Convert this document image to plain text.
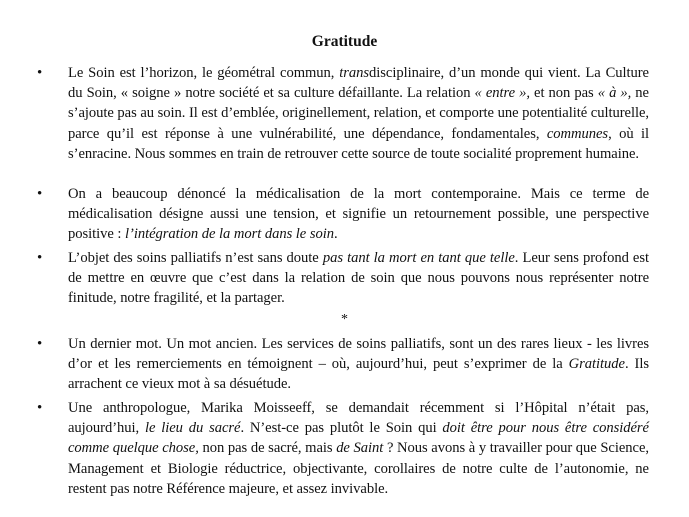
Gratitude
• Le Soin est l’horizon, le géométral commun, transdisciplinaire, d’un monde qui vient. La Culture du Soin, « soigne » notre société et sa culture défaillante. La relation « entre », et non pas « à », ne s’ajoute pas au soin. Il est d’emblée, originellement, relation, et comporte une potentialité culturelle, parce qu’il est réponse à une vulnérabilité, une dépendance, fondamentales, communes, où il s’enracine. Nous sommes en train de retrouver cette source de toute socialité proprement humaine.
• On a beaucoup dénoncé la médicalisation de la mort contemporaine. Mais ce terme de médicalisation désigne aussi une tension, et signifie un retournement possible, une perspective positive : l’intégration de la mort dans le soin.
• L’objet des soins palliatifs n’est sans doute pas tant la mort en tant que telle. Leur sens profond est de mettre en œuvre que c’est dans la relation de soin que nous pouvons nous représenter notre finitude, notre fragilité, et la partager.
*
• Un dernier mot. Un mot ancien. Les services de soins palliatifs, sont un des rares lieux - les livres d’or et les remerciements en témoignent – où, aujourd’hui, peut s’exprimer de la Gratitude. Ils arrachent ce vieux mot à sa désuétude.
• Une anthropologue, Marika Moisseeff, se demandait récemment si l’Hôpital n’était pas, aujourd’hui, le lieu du sacré. N’est-ce pas plutôt le Soin qui doit être pour nous être considéré comme quelque chose, non pas de sacré, mais de Saint ? Nous avons à y travailler pour que Science, Management et Biologie réductrice, objectivante, corollaires de notre culte de l’autonomie, ne restent pas notre Référence majeure, et assez invivable.
